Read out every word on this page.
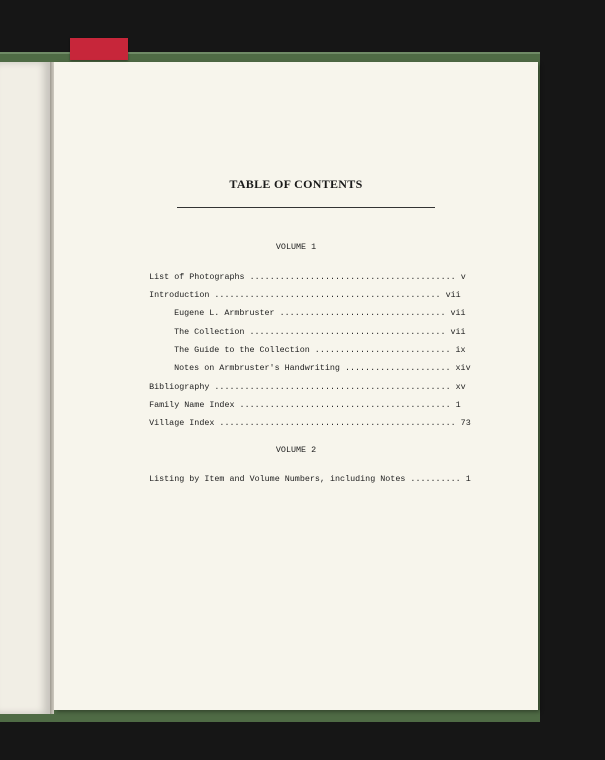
TABLE OF CONTENTS
VOLUME 1

List of Photographs ......................................... v

Introduction ............................................. vii

Eugene L. Armbruster ................................. vii

The Collection ....................................... vii

The Guide to the Collection ........................... ix

Notes on Armbruster's Handwriting ..................... xiv

Bibliography ............................................... xv

Family Name Index .......................................... 1

Village Index ............................................... 73

VOLUME 2

Listing by Item and Volume Numbers, including Notes .......... 1
